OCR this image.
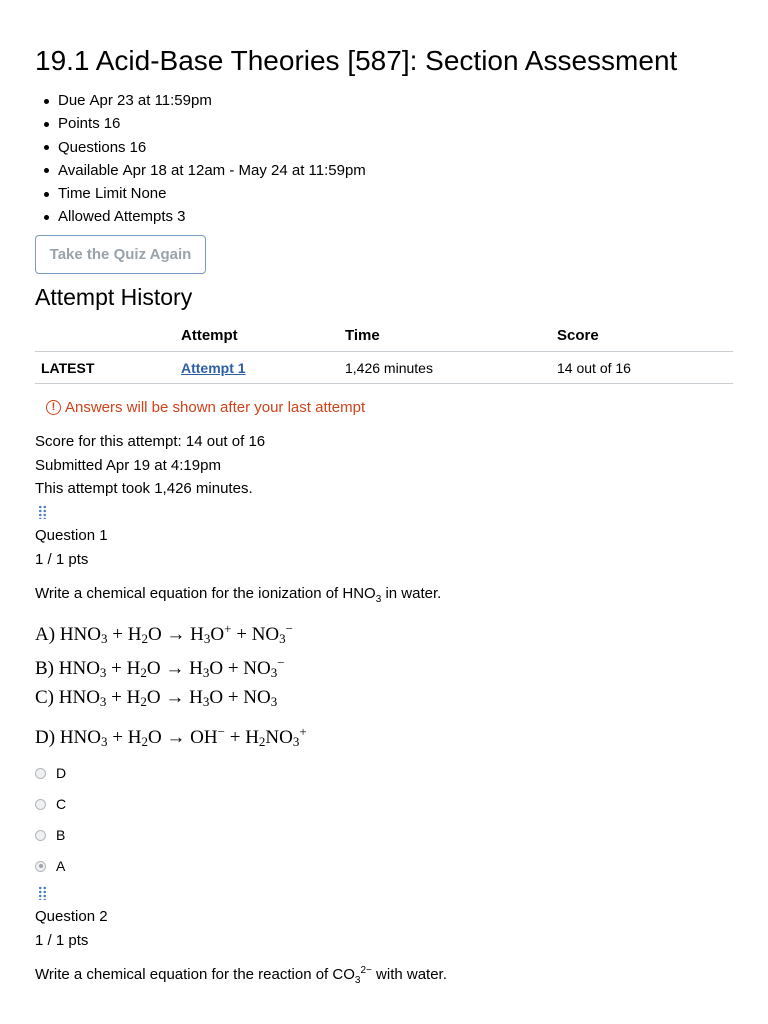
19.1 Acid-Base Theories [587]: Section Assessment
Due Apr 23 at 11:59pm
Points 16
Questions 16
Available Apr 18 at 12am - May 24 at 11:59pm
Time Limit None
Allowed Attempts 3
Take the Quiz Again
Attempt History
	Attempt	Time	Score
LATEST	Attempt 1	1,426 minutes	14 out of 16
! Answers will be shown after your last attempt
Score for this attempt: 14 out of 16
Submitted Apr 19 at 4:19pm
This attempt took 1,426 minutes.
Question 1
1 / 1 pts
Write a chemical equation for the ionization of $HNO_3$ in water.
A) $HNO_3 + H_2O \to H_3O^+ + NO_3^-$
B) $HNO_3 + H_2O \to H_3O + NO_3^-$
C) $HNO_3 + H_2O \to H_3O + NO_3$
D) $HNO_3 + H_2O \to OH^- + H_2NO_3^+$
D
C
B
A
Question 2
1 / 1 pts
Write a chemical equation for the reaction of $CO_3^{2-}$ with water.
